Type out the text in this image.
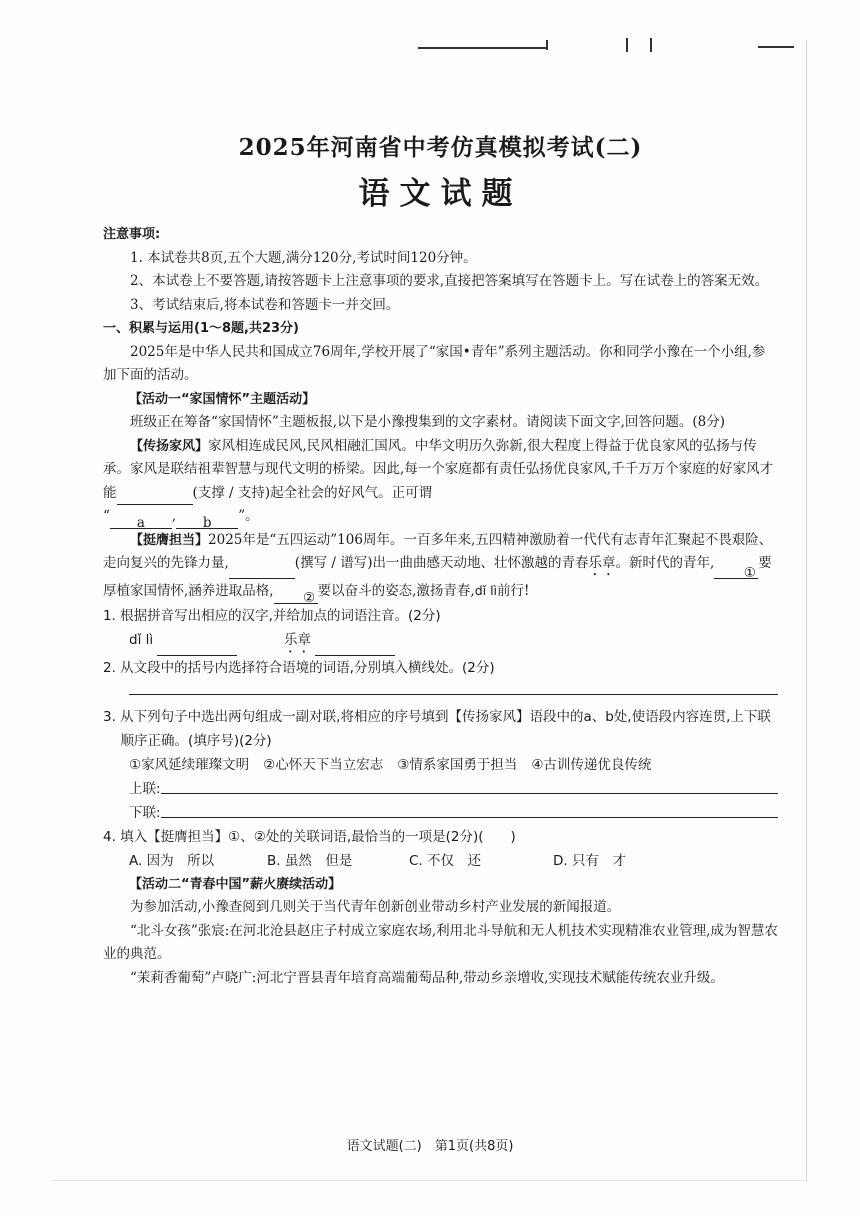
2025年河南省中考仿真模拟考试(二)
语文试题
注意事项:
1. 本试卷共8页,五个大题,满分120分,考试时间120分钟。
2、本试卷上不要答题,请按答题卡上注意事项的要求,直接把答案填写在答题卡上。写在试卷上的答案无效。
3、考试结束后,将本试卷和答题卡一并交回。
一、积累与运用(1～8题,共23分)
2025年是中华人民共和国成立76周年,学校开展了“家国•青年”系列主题活动。你和同学小豫在一个小组,参加下面的活动。
【活动一“家国情怀”主题活动】
班级正在筹备“家国情怀”主题板报,以下是小豫搜集到的文字素材。请阅读下面文字,回答问题。(8分)
【传扬家风】家风相连成民风,民风相融汇国风。中华文明历久弥新,很大程度上得益于优良家风的弘扬与传承。家风是联结祖辈智慧与现代文明的桥梁。因此,每一个家庭都有责任弘扬优良家风,千千万万个家庭的好家风才能	(支撑 / 支持)起全社会的好风气。正可谓
“ a , b ”。
【挺膺担当】2025年是“五四运动”106周年。一百多年来,五四精神激励着一代代有志青年汇聚起不畏艰险、走向复兴的先锋力量,	(撰写 / 谱写)出一曲曲感天动地、壮怀激越的青春乐章。新时代的青年,①要厚植家国情怀,涵养进取品格, ② 要以奋斗的姿态,激扬青春,dǐ lì前行!
1. 根据拼音写出相应的汉字,并给加点的词语注音。(2分)
dǐ lì	乐章
2. 从文段中的括号内选择符合语境的词语,分别填入横线处。(2分)
3. 从下列句子中选出两句组成一副对联,将相应的序号填到【传扬家风】语段中的a、b处,使语段内容连贯,上下联顺序正确。(填序号)(2分)
①家风延续璀璨文明 ②心怀天下当立宏志 ③情系家国勇于担当 ④古训传递优良传统
上联:
下联:
4. 填入【挺膺担当】①、②处的关联词语,最恰当的一项是(2分)(　　)
A. 因为　所以	B. 虽然　但是	C. 不仅　还	D. 只有　才
【活动二“青春中国”薪火赓续活动】
为参加活动,小豫查阅到几则关于当代青年创新创业带动乡村产业发展的新闻报道。
“北斗女孩”张宸:在河北沧县赵庄子村成立家庭农场,利用北斗导航和无人机技术实现精准农业管理,成为智慧农业的典范。
“茉莉香葡萄”卢晓广:河北宁晋县青年培育高端葡萄品种,带动乡亲增收,实现技术赋能传统农业升级。
语文试题(二)　第1页(共8页)
